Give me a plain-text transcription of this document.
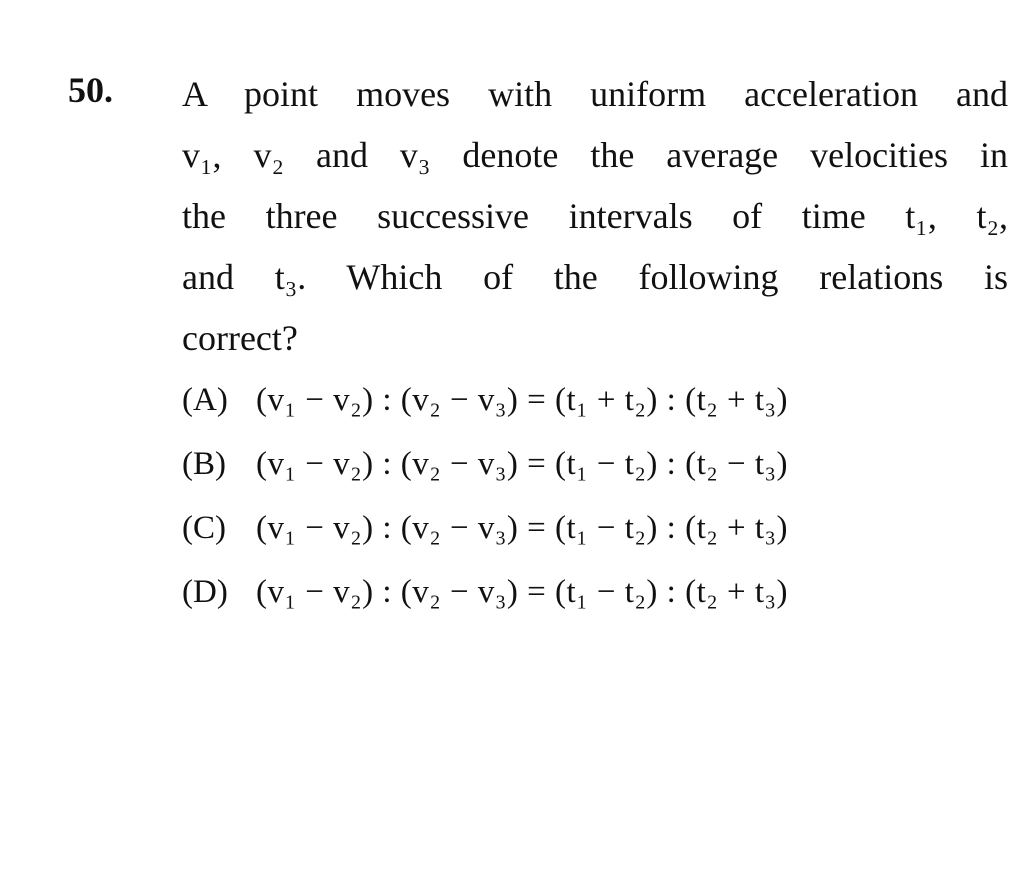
50. A point moves with uniform acceleration and
v₁, v₂ and v₃ denote the average velocities in
the three successive intervals of time t₁, t₂,
and t₃. Which of the following relations is
correct?
(A) (v₁ − v₂) : (v₂ − v₃) = (t₁ + t₂) : (t₂ + t₃)
(B) (v₁ − v₂) : (v₂ − v₃) = (t₁ − t₂) : (t₂ − t₃)
(C) (v₁ − v₂) : (v₂ − v₃) = (t₁ − t₂) : (t₂ + t₃)
(D) (v₁ − v₂) : (v₂ − v₃) = (t₁ − t₂) : (t₂ + t₃)
